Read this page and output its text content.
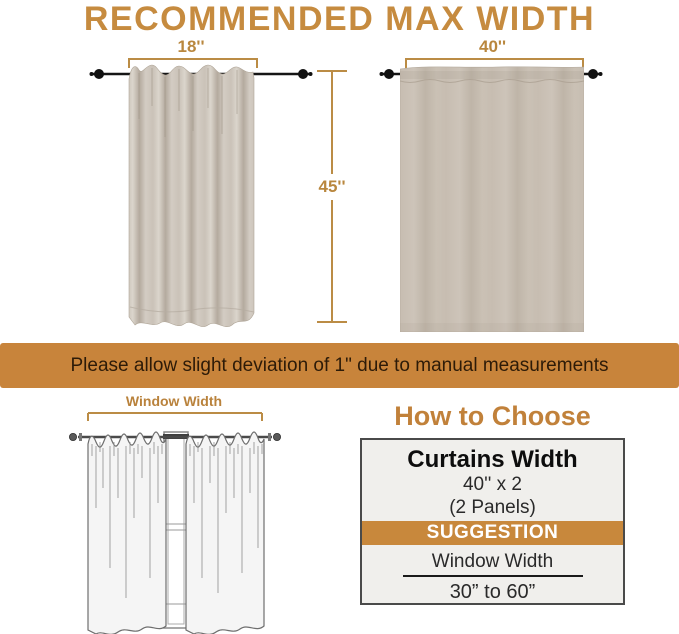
RECOMMENDED MAX WIDTH
18''
45''
40''
Please allow slight deviation of 1" due to manual measurements
Window Width	How to Choose
Curtains Width
40'' x 2
(2 Panels)
SUGGESTION
Window Width
30” to 60”
